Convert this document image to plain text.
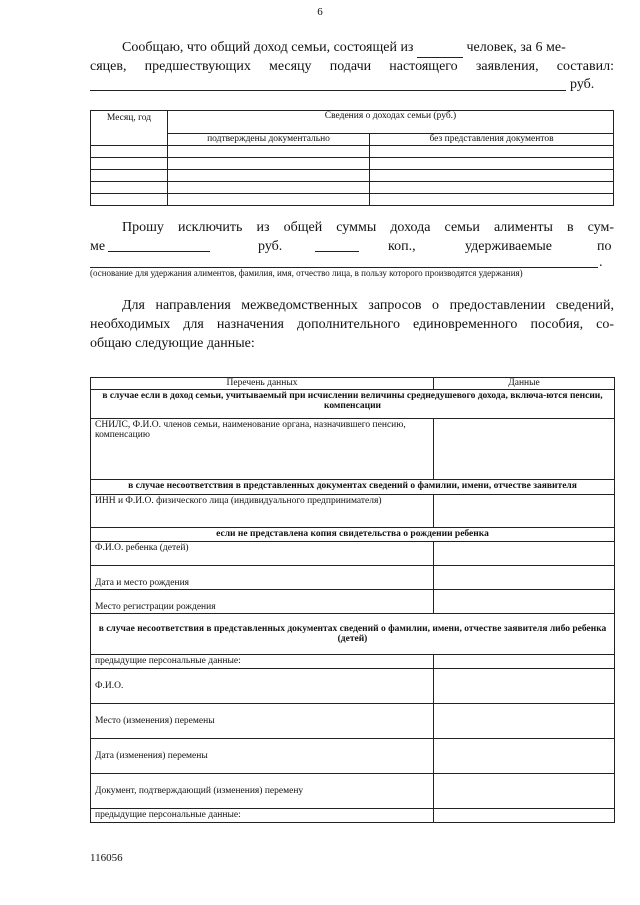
6
Сообщаю, что общий доход семьи, состоящей из	человек, за 6 ме-
сяцев, предшествующих месяцу подачи настоящего заявления, составил:
руб.
Месяц, год	Сведения о доходах семьи (руб.)	
	подтверждены документально	без представления документов

Прошу исключить из общей суммы дохода семьи алименты в сум-
ме	руб.	коп.,	удерживаемые	по
.
(основание для удержания алиментов, фамилия, имя, отчество лица, в пользу которого производятся удержания)
Для направления межведомственных запросов о предоставлении сведений,
необходимых для назначения дополнительного единовременного пособия, со-
общаю следующие данные:
Перечень данных	Данные
в случае если в доход семьи, учитываемый при исчислении величины среднедушевого дохода, включа-ются пенсии, компенсации	
СНИЛС, Ф.И.О. членов семьи, наименование органа, назначившего пенсию, компенсацию	
в случае несоответствия в представленных документах сведений о фамилии, имени, отчестве заявителя	
ИНН и Ф.И.О. физического лица (индивидуального предпринимателя)	
если не представлена копия свидетельства о рождении ребенка	
Ф.И.О. ребенка (детей)	
Дата и место рождения	
Место регистрации рождения	
в случае несоответствия в представленных документах сведений о фамилии, имени, отчестве заявителя либо ребенка (детей)	
предыдущие персональные данные:	
Ф.И.О.	
Место (изменения) перемены	
Дата (изменения) перемены	
Документ, подтверждающий (изменения) перемену	
предыдущие персональные данные:	
116056
